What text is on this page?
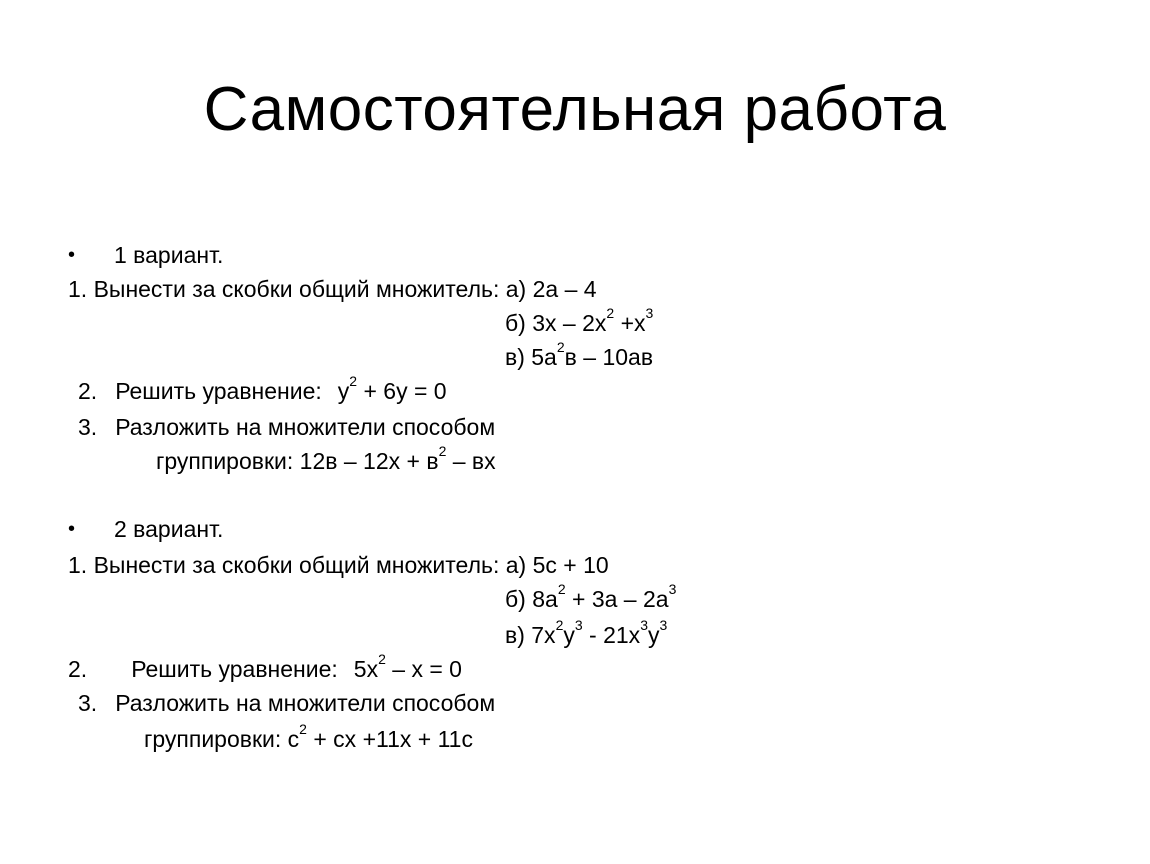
Самостоятельная работа
• 1 вариант.
1. Вынести за скобки общий множитель: а) 2а – 4
б) $3х - 2х^2 +х^3$
в) $5а^2в - 10ав$
2. Решить уравнение: $у^2 + 6у = 0$
3. Разложить на множители способом
группировки: $12в - 12х + в^2$ – вх
• 2 вариант.
1. Вынести за скобки общий множитель: а) 5с + 10
б) $8а^2 + 3а - 2а^3$
в) $7х^2у^3 - 21х^3у^3$
2. Решить уравнение: $5х^2 - х = 0$
3. Разложить на множители способом
группировки: $с^2$ + сх +11х + 11с
